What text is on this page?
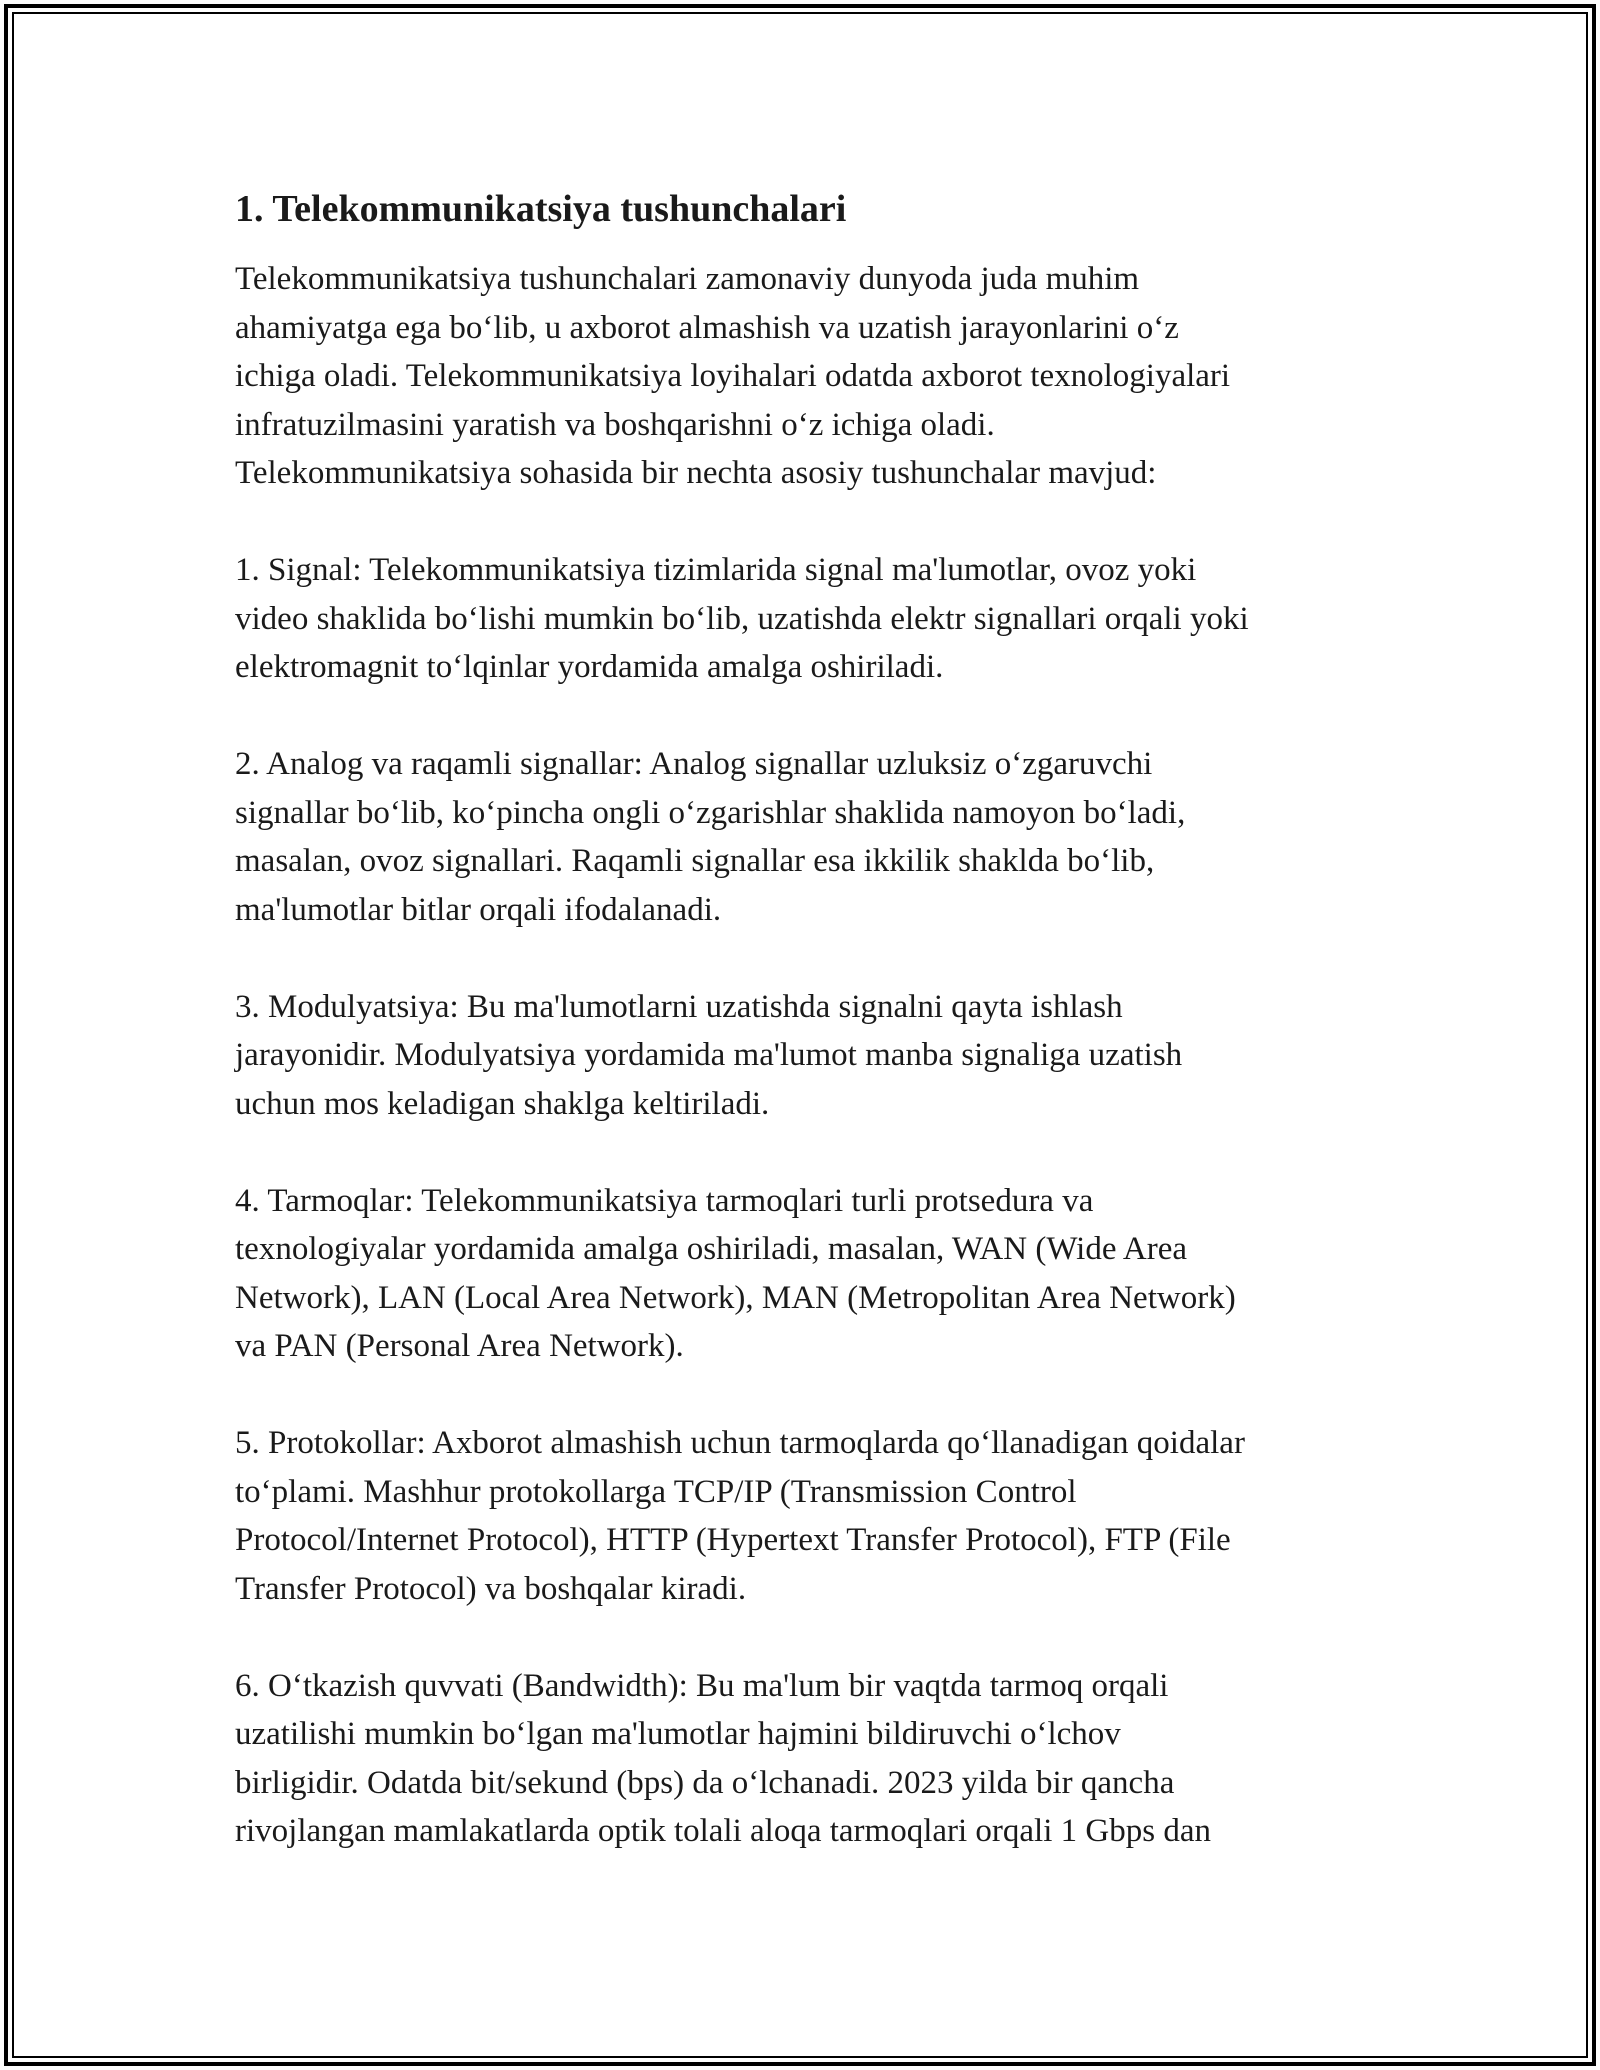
1. Telekommunikatsiya tushunchalari

Telekommunikatsiya tushunchalari zamonaviy dunyoda juda muhim
ahamiyatga ega bo‘lib, u axborot almashish va uzatish jarayonlarini o‘z
ichiga oladi. Telekommunikatsiya loyihalari odatda axborot texnologiyalari
infratuzilmasini yaratish va boshqarishni o‘z ichiga oladi.
Telekommunikatsiya sohasida bir nechta asosiy tushunchalar mavjud:

1. Signal: Telekommunikatsiya tizimlarida signal ma'lumotlar, ovoz yoki
video shaklida bo‘lishi mumkin bo‘lib, uzatishda elektr signallari orqali yoki
elektromagnit to‘lqinlar yordamida amalga oshiriladi.

2. Analog va raqamli signallar: Analog signallar uzluksiz o‘zgaruvchi
signallar bo‘lib, ko‘pincha ongli o‘zgarishlar shaklida namoyon bo‘ladi,
masalan, ovoz signallari. Raqamli signallar esa ikkilik shaklda bo‘lib,
ma'lumotlar bitlar orqali ifodalanadi.

3. Modulyatsiya: Bu ma'lumotlarni uzatishda signalni qayta ishlash
jarayonidir. Modulyatsiya yordamida ma'lumot manba signaliga uzatish
uchun mos keladigan shaklga keltiriladi.

4. Tarmoqlar: Telekommunikatsiya tarmoqlari turli protsedura va
texnologiyalar yordamida amalga oshiriladi, masalan, WAN (Wide Area
Network), LAN (Local Area Network), MAN (Metropolitan Area Network)
va PAN (Personal Area Network).

5. Protokollar: Axborot almashish uchun tarmoqlarda qo‘llanadigan qoidalar
to‘plami. Mashhur protokollarga TCP/IP (Transmission Control
Protocol/Internet Protocol), HTTP (Hypertext Transfer Protocol), FTP (File
Transfer Protocol) va boshqalar kiradi.

6. O‘tkazish quvvati (Bandwidth): Bu ma'lum bir vaqtda tarmoq orqali
uzatilishi mumkin bo‘lgan ma'lumotlar hajmini bildiruvchi o‘lchov
birligidir. Odatda bit/sekund (bps) da o‘lchanadi. 2023 yilda bir qancha
rivojlangan mamlakatlarda optik tolali aloqa tarmoqlari orqali 1 Gbps dan
